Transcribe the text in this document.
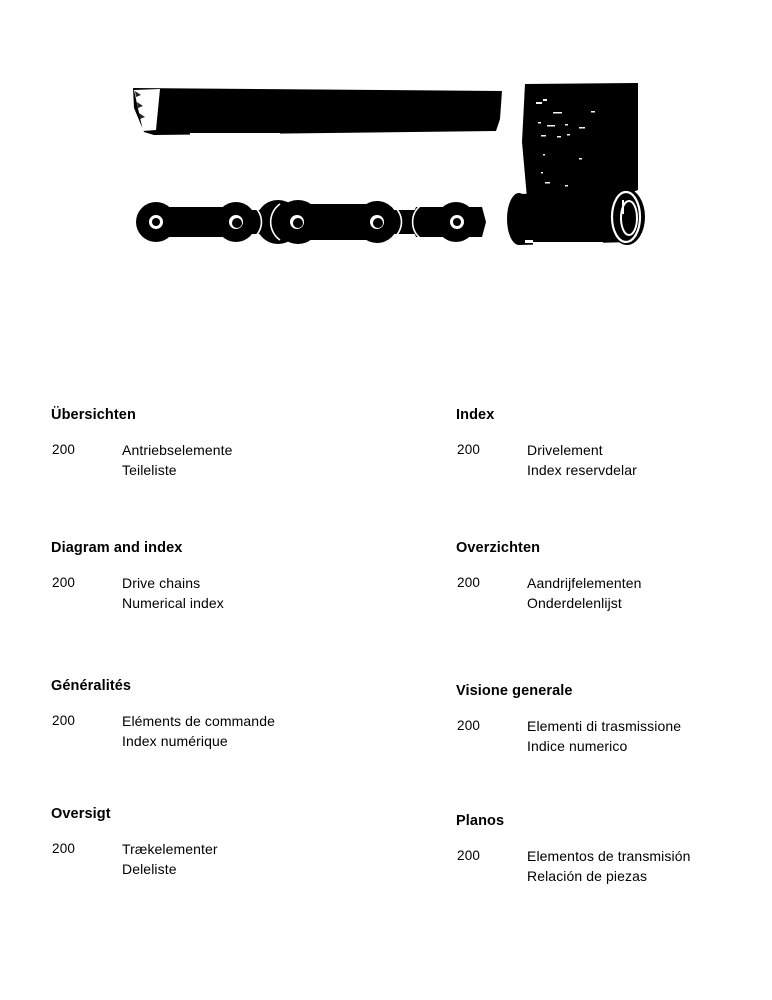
Übersichten
200	Antriebselemente
Teileliste
Diagram and index
200	Drive chains
Numerical index
Généralités
200	Eléments de commande
Index numérique
Oversigt
200	Trækelementer
Deleliste
Index
200	Drivelement
Index reservdelar
Overzichten
200	Aandrijfelementen
Onderdelenlijst
Visione generale
200	Elementi di trasmissione
Indice numerico
Planos
200	Elementos de transmisión
Relación de piezas
